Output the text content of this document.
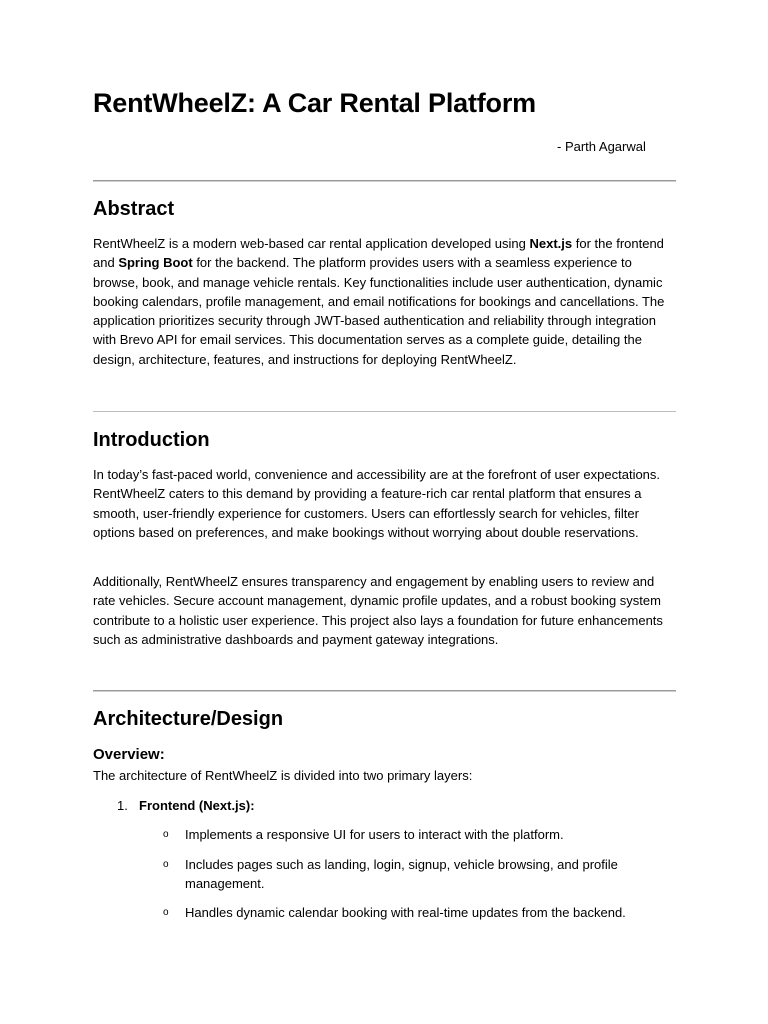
RentWheelZ: A Car Rental Platform
- Parth Agarwal
Abstract

RentWheelZ is a modern web-based car rental application developed using Next.js for the frontend and Spring Boot for the backend. The platform provides users with a seamless experience to browse, book, and manage vehicle rentals. Key functionalities include user authentication, dynamic booking calendars, profile management, and email notifications for bookings and cancellations. The application prioritizes security through JWT-based authentication and reliability through integration with Brevo API for email services. This documentation serves as a complete guide, detailing the design, architecture, features, and instructions for deploying RentWheelZ.

Introduction

In today’s fast-paced world, convenience and accessibility are at the forefront of user expectations. RentWheelZ caters to this demand by providing a feature-rich car rental platform that ensures a smooth, user-friendly experience for customers. Users can effortlessly search for vehicles, filter options based on preferences, and make bookings without worrying about double reservations.

Additionally, RentWheelZ ensures transparency and engagement by enabling users to review and rate vehicles. Secure account management, dynamic profile updates, and a robust booking system contribute to a holistic user experience. This project also lays a foundation for future enhancements such as administrative dashboards and payment gateway integrations.

Architecture/Design
Overview:
The architecture of RentWheelZ is divided into two primary layers:
1. Frontend (Next.js):
o Implements a responsive UI for users to interact with the platform.
o Includes pages such as landing, login, signup, vehicle browsing, and profile management.
o Handles dynamic calendar booking with real-time updates from the backend.
